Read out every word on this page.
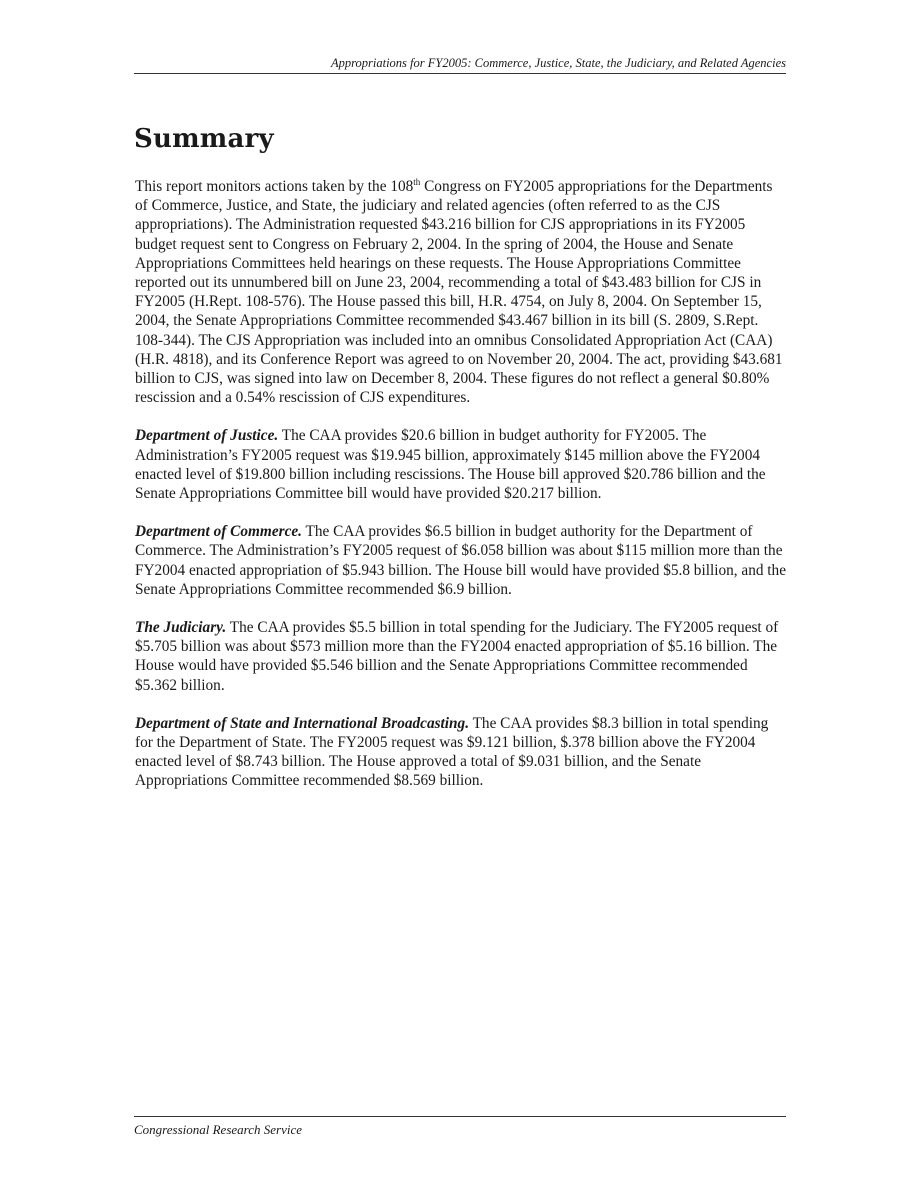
Appropriations for FY2005: Commerce, Justice, State, the Judiciary, and Related Agencies
Summary

This report monitors actions taken by the 108th Congress on FY2005 appropriations for the Departments of Commerce, Justice, and State, the judiciary and related agencies (often referred to as the CJS appropriations). The Administration requested $43.216 billion for CJS appropriations in its FY2005 budget request sent to Congress on February 2, 2004. In the spring of 2004, the House and Senate Appropriations Committees held hearings on these requests. The House Appropriations Committee reported out its unnumbered bill on June 23, 2004, recommending a total of $43.483 billion for CJS in FY2005 (H.Rept. 108-576). The House passed this bill, H.R. 4754, on July 8, 2004. On September 15, 2004, the Senate Appropriations Committee recommended $43.467 billion in its bill (S. 2809, S.Rept. 108-344). The CJS Appropriation was included into an omnibus Consolidated Appropriation Act (CAA) (H.R. 4818), and its Conference Report was agreed to on November 20, 2004. The act, providing $43.681 billion to CJS, was signed into law on December 8, 2004. These figures do not reflect a general $0.80% rescission and a 0.54% rescission of CJS expenditures.

Department of Justice. The CAA provides $20.6 billion in budget authority for FY2005. The Administration’s FY2005 request was $19.945 billion, approximately $145 million above the FY2004 enacted level of $19.800 billion including rescissions. The House bill approved $20.786 billion and the Senate Appropriations Committee bill would have provided $20.217 billion.

Department of Commerce. The CAA provides $6.5 billion in budget authority for the Department of Commerce. The Administration’s FY2005 request of $6.058 billion was about $115 million more than the FY2004 enacted appropriation of $5.943 billion. The House bill would have provided $5.8 billion, and the Senate Appropriations Committee recommended $6.9 billion.

The Judiciary. The CAA provides $5.5 billion in total spending for the Judiciary. The FY2005 request of $5.705 billion was about $573 million more than the FY2004 enacted appropriation of $5.16 billion. The House would have provided $5.546 billion and the Senate Appropriations Committee recommended $5.362 billion.

Department of State and International Broadcasting. The CAA provides $8.3 billion in total spending for the Department of State. The FY2005 request was $9.121 billion, $.378 billion above the FY2004 enacted level of $8.743 billion. The House approved a total of $9.031 billion, and the Senate Appropriations Committee recommended $8.569 billion.

Congressional Research Service
